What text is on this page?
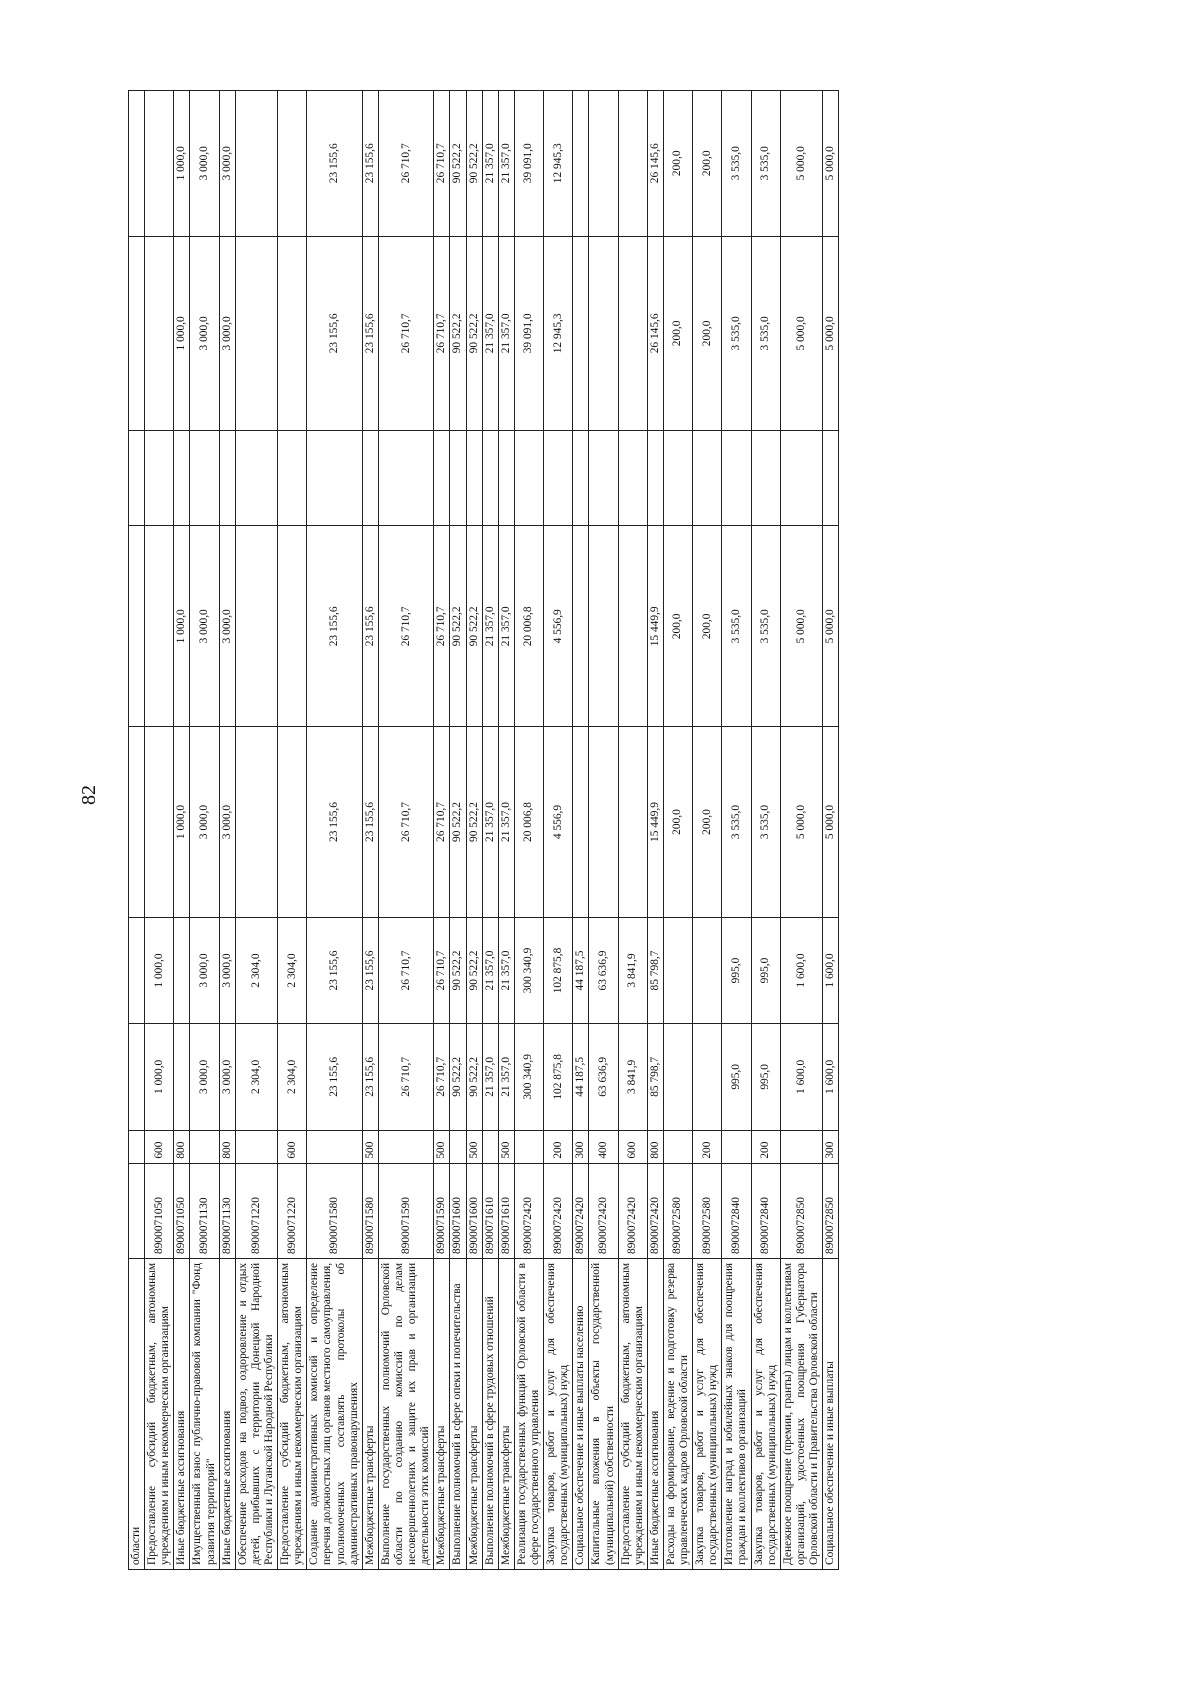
82
области									
Предоставление субсидий бюджетным, автономным учреждениям и иным некоммерческим организациям	8900071050	600	1 000,0	1 000,0					
Иные бюджетные ассигнования	8900071050	800			1 000,0	1 000,0		1 000,0	1 000,0
Имущественный взнос публично-правовой компании "Фонд развития территорий"	8900071130		3 000,0	3 000,0	3 000,0	3 000,0		3 000,0	3 000,0
Иные бюджетные ассигнования	8900071130	800	3 000,0	3 000,0	3 000,0	3 000,0		3 000,0	3 000,0
Обеспечение расходов на подвоз, оздоровление и отдых детей, прибывших с территории Донецкой Народной Республики и Луганской Народной Республики	8900071220		2 304,0	2 304,0					
Предоставление субсидий бюджетным, автономным учреждениям и иным некоммерческим организациям	8900071220	600	2 304,0	2 304,0					
Создание административных комиссий и определение перечня должностных лиц органов местного самоуправления, уполномоченных составлять протоколы об административных правонарушениях	8900071580		23 155,6	23 155,6	23 155,6	23 155,6		23 155,6	23 155,6
Межбюджетные трансферты	8900071580	500	23 155,6	23 155,6	23 155,6	23 155,6		23 155,6	23 155,6
Выполнение государственных полномочий Орловской области по созданию комиссий по делам несовершеннолетних и защите их прав и организации деятельности этих комиссий	8900071590		26 710,7	26 710,7	26 710,7	26 710,7		26 710,7	26 710,7
Межбюджетные трансферты	8900071590	500	26 710,7	26 710,7	26 710,7	26 710,7		26 710,7	26 710,7
Выполнение полномочий в сфере опеки и попечительства	8900071600		90 522,2	90 522,2	90 522,2	90 522,2		90 522,2	90 522,2
Межбюджетные трансферты	8900071600	500	90 522,2	90 522,2	90 522,2	90 522,2		90 522,2	90 522,2
Выполнение полномочий в сфере трудовых отношений	8900071610		21 357,0	21 357,0	21 357,0	21 357,0		21 357,0	21 357,0
Межбюджетные трансферты	8900071610	500	21 357,0	21 357,0	21 357,0	21 357,0		21 357,0	21 357,0
Реализация государственных функций Орловской области в сфере государственного управления	8900072420		300 340,9	300 340,9	20 006,8	20 006,8		39 091,0	39 091,0
Закупка товаров, работ и услуг для обеспечения государственных (муниципальных) нужд	8900072420	200	102 875,8	102 875,8	4 556,9	4 556,9		12 945,3	12 945,3
Социальное обеспечение и иные выплаты населению	8900072420	300	44 187,5	44 187,5					
Капитальные вложения в объекты государственной (муниципальной) собственности	8900072420	400	63 636,9	63 636,9					
Предоставление субсидий бюджетным, автономным учреждениям и иным некоммерческим организациям	8900072420	600	3 841,9	3 841,9					
Иные бюджетные ассигнования	8900072420	800	85 798,7	85 798,7	15 449,9	15 449,9		26 145,6	26 145,6
Расходы на формирование, ведение и подготовку резерва управленческих кадров Орловской области	8900072580				200,0	200,0		200,0	200,0
Закупка товаров, работ и услуг для обеспечения государственных (муниципальных) нужд	8900072580	200			200,0	200,0		200,0	200,0
Изготовление наград и юбилейных знаков для поощрения граждан и коллективов организаций	8900072840		995,0	995,0	3 535,0	3 535,0		3 535,0	3 535,0
Закупка товаров, работ и услуг для обеспечения государственных (муниципальных) нужд	8900072840	200	995,0	995,0	3 535,0	3 535,0		3 535,0	3 535,0
Денежное поощрение (премии, гранты) лицам и коллективам организаций, удостоенных поощрения Губернатора Орловской области и Правительства Орловской области	8900072850		1 600,0	1 600,0	5 000,0	5 000,0		5 000,0	5 000,0
Социальное обеспечение и иные выплаты	8900072850	300	1 600,0	1 600,0	5 000,0	5 000,0		5 000,0	5 000,0
